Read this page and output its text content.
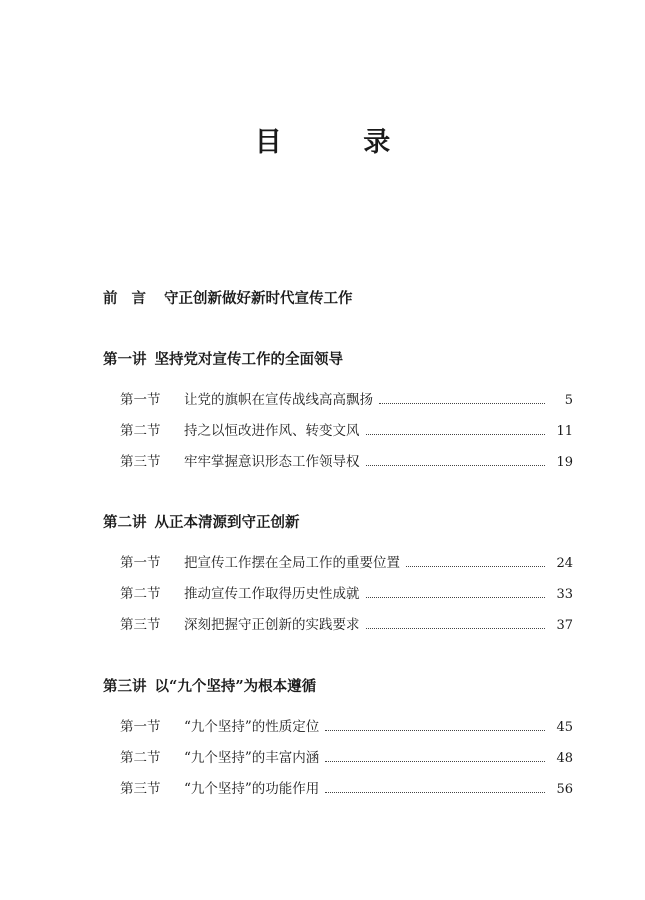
目 录
前言 守正创新做好新时代宣传工作
第一讲 坚持党对宣传工作的全面领导
第一节	让党的旗帜在宣传战线高高飘扬	5
第二节	持之以恒改进作风、转变文风	11
第三节	牢牢掌握意识形态工作领导权	19
第二讲 从正本清源到守正创新
第一节	把宣传工作摆在全局工作的重要位置	24
第二节	推动宣传工作取得历史性成就	33
第三节	深刻把握守正创新的实践要求	37
第三讲 以“九个坚持”为根本遵循
第一节	“九个坚持”的性质定位	45
第二节	“九个坚持”的丰富内涵	48
第三节	“九个坚持”的功能作用	56
